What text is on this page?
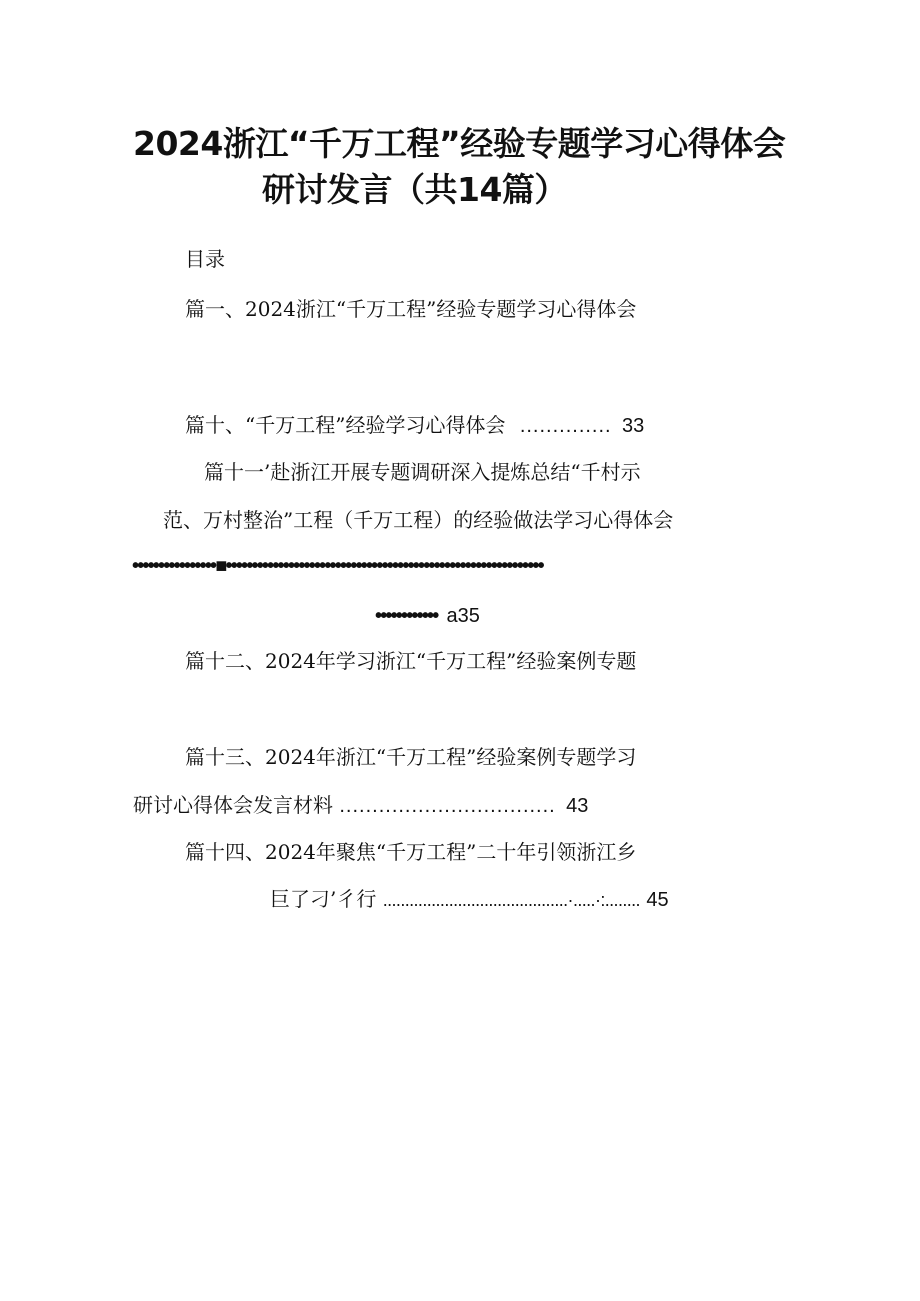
2024浙江“千万工程”经验专题学习心得体会
研讨发言（共14篇）
目录
篇一、2024浙江“千万工程”经验专题学习心得体会
篇十、“千万工程”经验学习心得体会 .............. 33
篇十一’赴浙江开展专题调研深入提炼总结“千村示
范、万村整治”工程（千万工程）的经验做法学习心得体会
••••••••••••••••■•••••••••••••••••••••••••••••••••••••••••••••••••••••••••••••
•••••••••••• a35
篇十二、2024年学习浙江“千万工程”经验案例专题
篇十三、2024年浙江“千万工程”经验案例专题学习
研讨心得体会发言材料 ................................. 43
篇十四、2024年聚焦“千万工程”二十年引领浙江乡
巨了刁’彳行 ..........................................·.....·:........ 45
